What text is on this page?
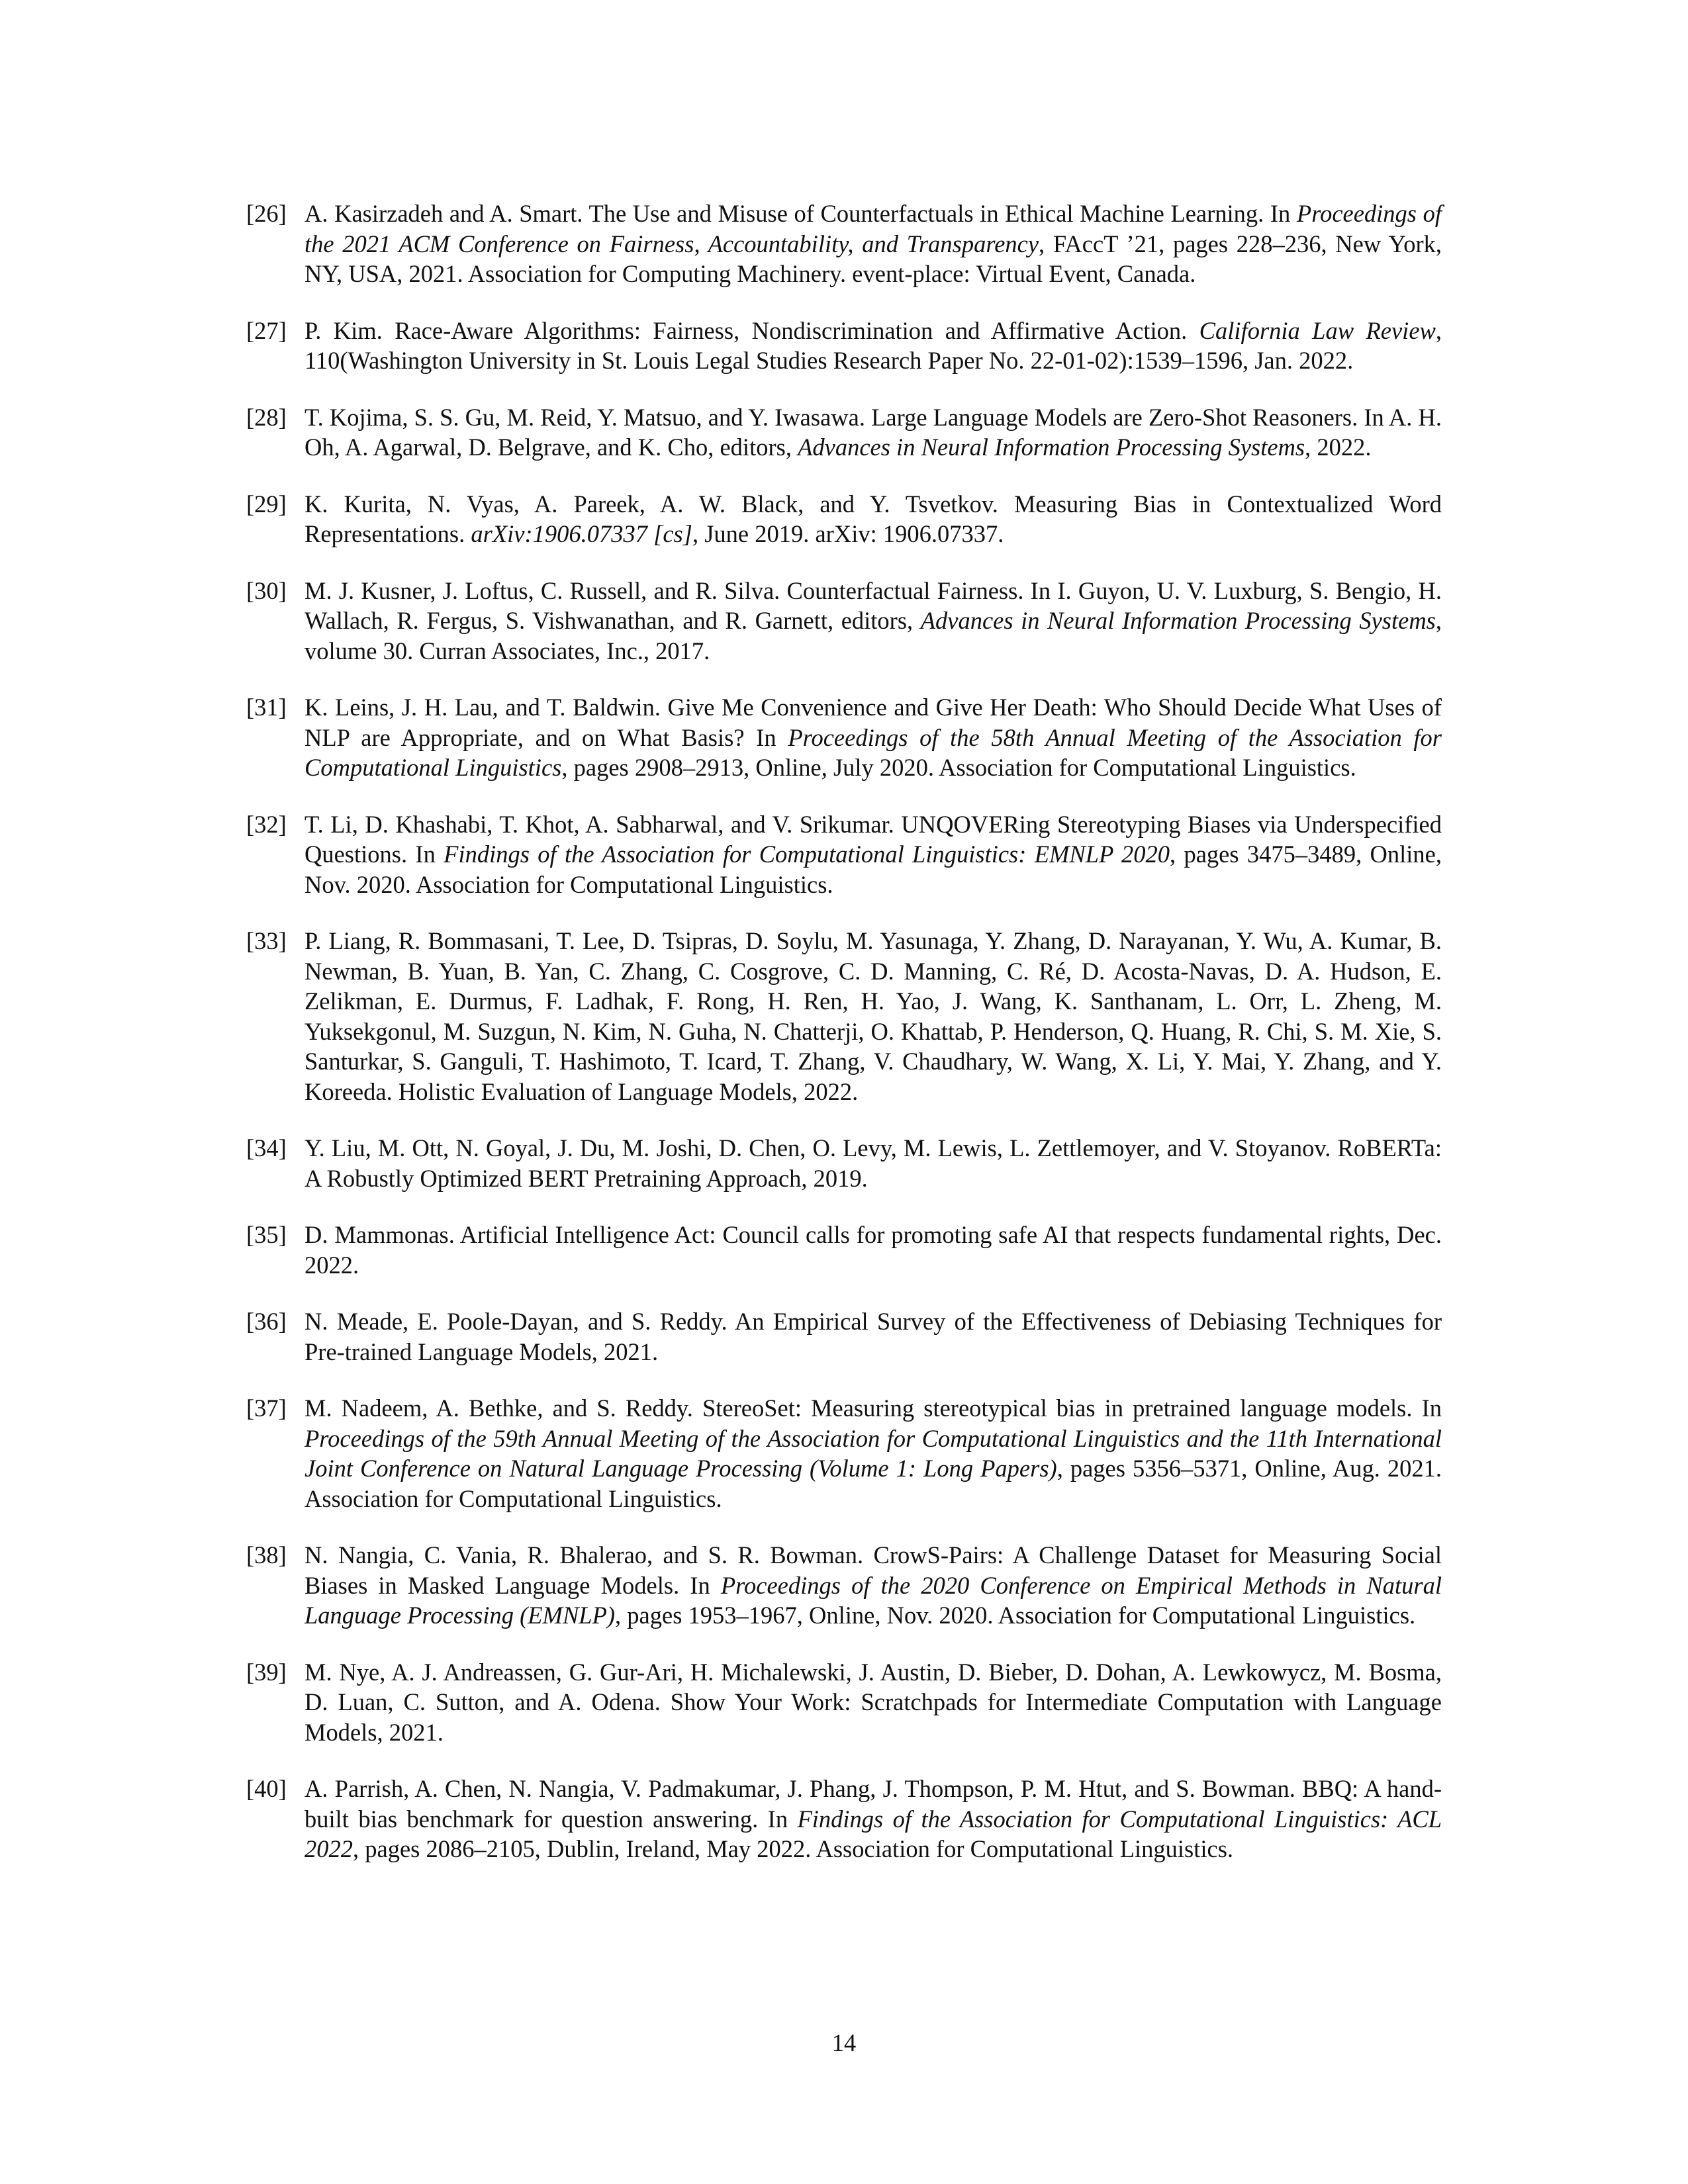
[26] A. Kasirzadeh and A. Smart. The Use and Misuse of Counterfactuals in Ethical Machine Learning. In Proceedings of the 2021 ACM Conference on Fairness, Accountability, and Transparency, FAccT ’21, pages 228–236, New York, NY, USA, 2021. Association for Computing Machinery. event-place: Virtual Event, Canada.
[27] P. Kim. Race-Aware Algorithms: Fairness, Nondiscrimination and Affirmative Action. California Law Review, 110(Washington University in St. Louis Legal Studies Research Paper No. 22-01-02):1539–1596, Jan. 2022.
[28] T. Kojima, S. S. Gu, M. Reid, Y. Matsuo, and Y. Iwasawa. Large Language Models are Zero-Shot Reasoners. In A. H. Oh, A. Agarwal, D. Belgrave, and K. Cho, editors, Advances in Neural Information Processing Systems, 2022.
[29] K. Kurita, N. Vyas, A. Pareek, A. W. Black, and Y. Tsvetkov. Measuring Bias in Contextualized Word Representations. arXiv:1906.07337 [cs], June 2019. arXiv: 1906.07337.
[30] M. J. Kusner, J. Loftus, C. Russell, and R. Silva. Counterfactual Fairness. In I. Guyon, U. V. Luxburg, S. Bengio, H. Wallach, R. Fergus, S. Vishwanathan, and R. Garnett, editors, Advances in Neural Information Processing Systems, volume 30. Curran Associates, Inc., 2017.
[31] K. Leins, J. H. Lau, and T. Baldwin. Give Me Convenience and Give Her Death: Who Should Decide What Uses of NLP are Appropriate, and on What Basis? In Proceedings of the 58th Annual Meeting of the Association for Computational Linguistics, pages 2908–2913, Online, July 2020. Association for Computational Linguistics.
[32] T. Li, D. Khashabi, T. Khot, A. Sabharwal, and V. Srikumar. UNQOVERing Stereotyping Biases via Underspecified Questions. In Findings of the Association for Computational Linguistics: EMNLP 2020, pages 3475–3489, Online, Nov. 2020. Association for Computational Linguistics.
[33] P. Liang, R. Bommasani, T. Lee, D. Tsipras, D. Soylu, M. Yasunaga, Y. Zhang, D. Narayanan, Y. Wu, A. Kumar, B. Newman, B. Yuan, B. Yan, C. Zhang, C. Cosgrove, C. D. Manning, C. Ré, D. Acosta-Navas, D. A. Hudson, E. Zelikman, E. Durmus, F. Ladhak, F. Rong, H. Ren, H. Yao, J. Wang, K. Santhanam, L. Orr, L. Zheng, M. Yuksekgonul, M. Suzgun, N. Kim, N. Guha, N. Chatterji, O. Khattab, P. Henderson, Q. Huang, R. Chi, S. M. Xie, S. Santurkar, S. Ganguli, T. Hashimoto, T. Icard, T. Zhang, V. Chaudhary, W. Wang, X. Li, Y. Mai, Y. Zhang, and Y. Koreeda. Holistic Evaluation of Language Models, 2022.
[34] Y. Liu, M. Ott, N. Goyal, J. Du, M. Joshi, D. Chen, O. Levy, M. Lewis, L. Zettlemoyer, and V. Stoyanov. RoBERTa: A Robustly Optimized BERT Pretraining Approach, 2019.
[35] D. Mammonas. Artificial Intelligence Act: Council calls for promoting safe AI that respects fundamental rights, Dec. 2022.
[36] N. Meade, E. Poole-Dayan, and S. Reddy. An Empirical Survey of the Effectiveness of Debiasing Techniques for Pre-trained Language Models, 2021.
[37] M. Nadeem, A. Bethke, and S. Reddy. StereoSet: Measuring stereotypical bias in pretrained language models. In Proceedings of the 59th Annual Meeting of the Association for Computational Linguistics and the 11th International Joint Conference on Natural Language Processing (Volume 1: Long Papers), pages 5356–5371, Online, Aug. 2021. Association for Computational Linguistics.
[38] N. Nangia, C. Vania, R. Bhalerao, and S. R. Bowman. CrowS-Pairs: A Challenge Dataset for Measuring Social Biases in Masked Language Models. In Proceedings of the 2020 Conference on Empirical Methods in Natural Language Processing (EMNLP), pages 1953–1967, Online, Nov. 2020. Association for Computational Linguistics.
[39] M. Nye, A. J. Andreassen, G. Gur-Ari, H. Michalewski, J. Austin, D. Bieber, D. Dohan, A. Lewkowycz, M. Bosma, D. Luan, C. Sutton, and A. Odena. Show Your Work: Scratchpads for Intermediate Computation with Language Models, 2021.
[40] A. Parrish, A. Chen, N. Nangia, V. Padmakumar, J. Phang, J. Thompson, P. M. Htut, and S. Bowman. BBQ: A hand-built bias benchmark for question answering. In Findings of the Association for Computational Linguistics: ACL 2022, pages 2086–2105, Dublin, Ireland, May 2022. Association for Computational Linguistics.
14
